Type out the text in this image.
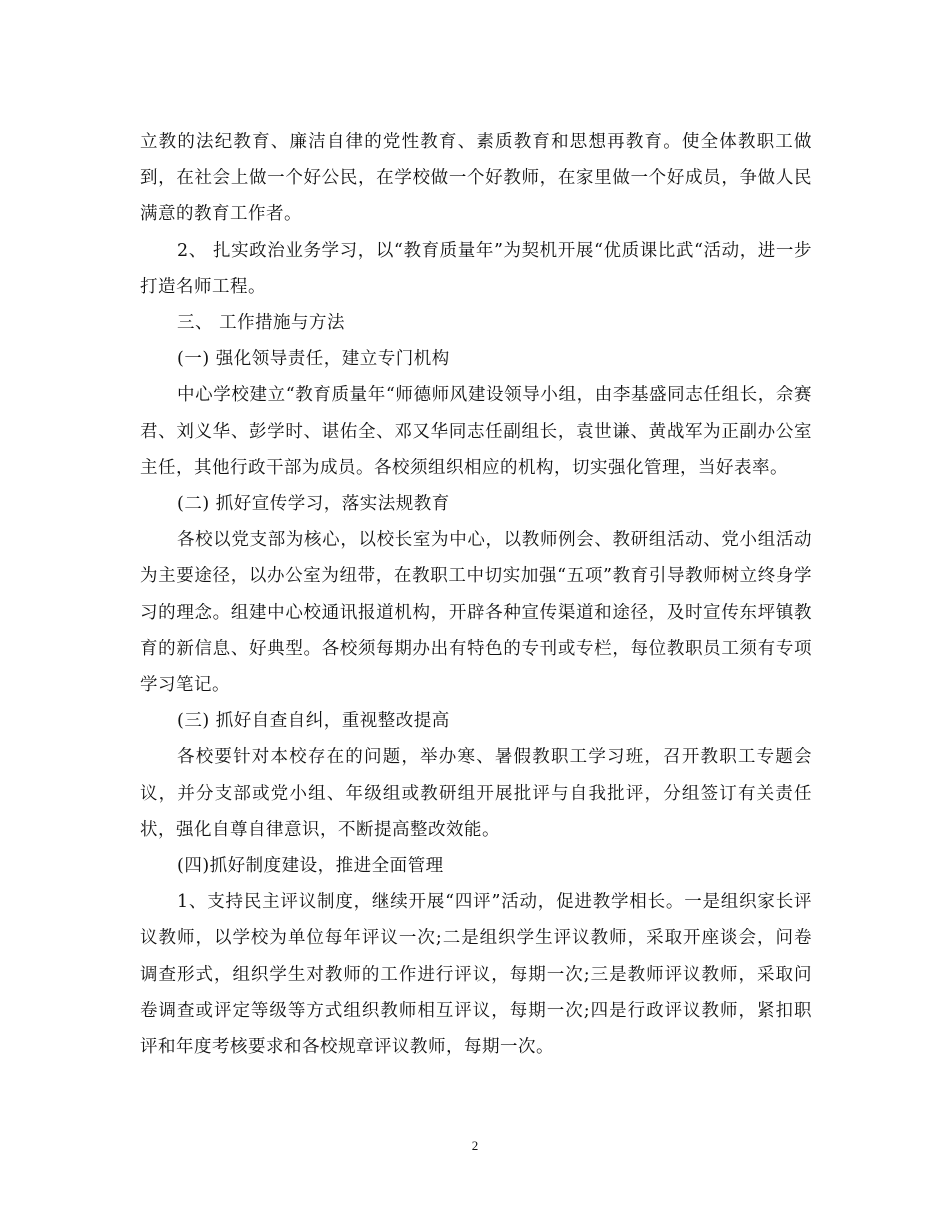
立教的法纪教育、廉洁自律的党性教育、素质教育和思想再教育。使全体教职工做到，在社会上做一个好公民，在学校做一个好教师，在家里做一个好成员，争做人民满意的教育工作者。

2、 扎实政治业务学习，以“教育质量年”为契机开展“优质课比武“活动，进一步打造名师工程。

三、 工作措施与方法

(一) 强化领导责任，建立专门机构

中心学校建立“教育质量年“师德师风建设领导小组，由李基盛同志任组长，佘赛君、刘义华、彭学时、谌佑全、邓又华同志任副组长，袁世谦、黄战军为正副办公室主任，其他行政干部为成员。各校须组织相应的机构，切实强化管理，当好表率。

(二) 抓好宣传学习，落实法规教育

各校以党支部为核心，以校长室为中心，以教师例会、教研组活动、党小组活动为主要途径，以办公室为纽带，在教职工中切实加强“五项”教育引导教师树立终身学习的理念。组建中心校通讯报道机构，开辟各种宣传渠道和途径，及时宣传东坪镇教育的新信息、好典型。各校须每期办出有特色的专刊或专栏，每位教职员工须有专项学习笔记。

(三) 抓好自查自纠，重视整改提高

各校要针对本校存在的问题，举办寒、暑假教职工学习班，召开教职工专题会议，并分支部或党小组、年级组或教研组开展批评与自我批评，分组签订有关责任状，强化自尊自律意识，不断提高整改效能。

(四)抓好制度建设，推进全面管理

1、支持民主评议制度，继续开展“四评”活动，促进教学相长。一是组织家长评议教师，以学校为单位每年评议一次;二是组织学生评议教师，采取开座谈会，问卷调查形式，组织学生对教师的工作进行评议，每期一次;三是教师评议教师，采取问卷调查或评定等级等方式组织教师相互评议，每期一次;四是行政评议教师，紧扣职评和年度考核要求和各校规章评议教师，每期一次。

2
